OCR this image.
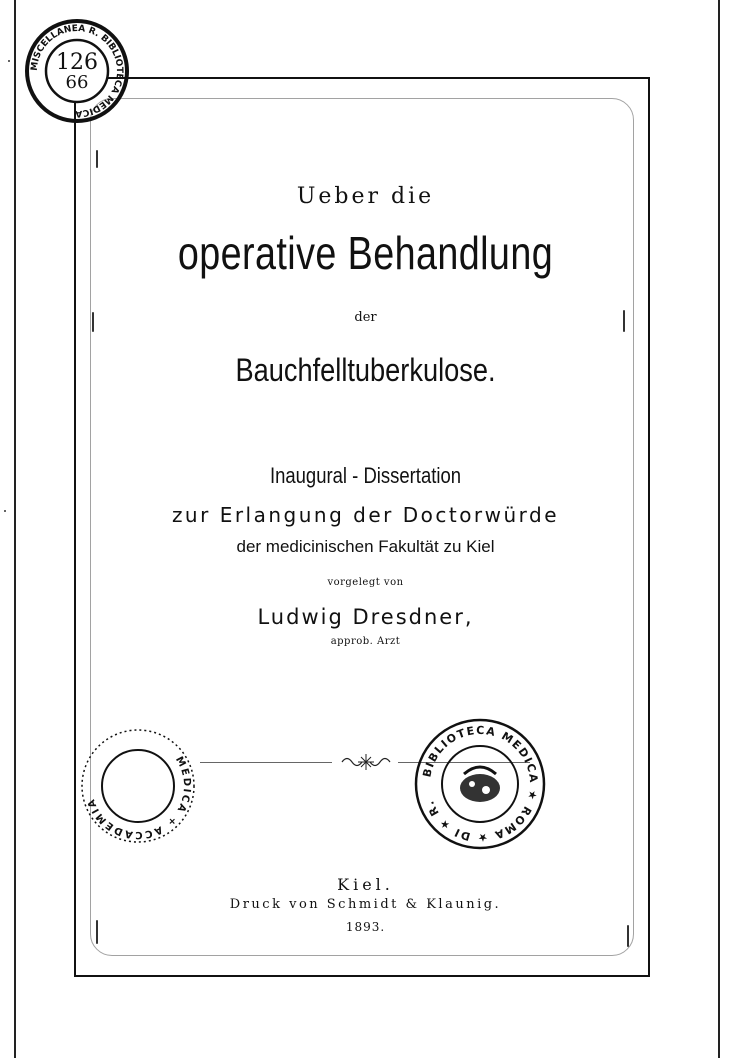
MISCELLANEA R. BIBLIOTECA MEDICA
126
66
Ueber die
operative Behandlung
der
Bauchfelltuberkulose.
Inaugural - Dissertation
zur Erlangung der Doctorwürde
der medicinischen Fakultät zu Kiel
vorgelegt von
Ludwig Dresdner,
approb. Arzt
MEDICA + ACCADEMIA
BIBLIOTECA MEDICA ★ ROMA ★ DI ★ R.
Kiel.
Druck von Schmidt & Klaunig.
1893.
